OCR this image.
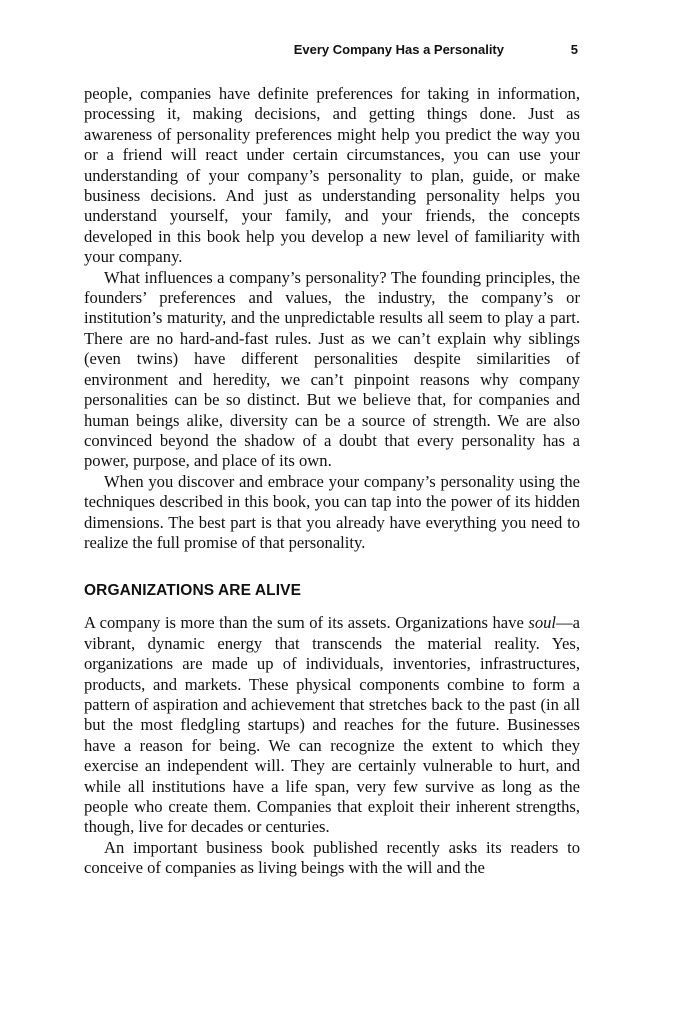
Every Company Has a Personality	5

people, companies have definite preferences for taking in information, processing it, making decisions, and getting things done. Just as awareness of personality preferences might help you predict the way you or a friend will react under certain circumstances, you can use your understanding of your company’s personality to plan, guide, or make business decisions. And just as understanding personality helps you understand yourself, your family, and your friends, the concepts developed in this book help you develop a new level of familiarity with your company.

What influences a company’s personality? The founding principles, the founders’ preferences and values, the industry, the company’s or institution’s maturity, and the unpredictable results all seem to play a part. There are no hard-and-fast rules. Just as we can’t explain why siblings (even twins) have different personalities despite similarities of environment and heredity, we can’t pinpoint reasons why company personalities can be so distinct. But we believe that, for companies and human beings alike, diversity can be a source of strength. We are also convinced beyond the shadow of a doubt that every personality has a power, purpose, and place of its own.

When you discover and embrace your company’s personality using the techniques described in this book, you can tap into the power of its hidden dimensions. The best part is that you already have everything you need to realize the full promise of that personality.

ORGANIZATIONS ARE ALIVE

A company is more than the sum of its assets. Organizations have soul—a vibrant, dynamic energy that transcends the material reality. Yes, organizations are made up of individuals, inventories, infrastructures, products, and markets. These physical components combine to form a pattern of aspiration and achievement that stretches back to the past (in all but the most fledgling startups) and reaches for the future. Businesses have a reason for being. We can recognize the extent to which they exercise an independent will. They are certainly vulnerable to hurt, and while all institutions have a life span, very few survive as long as the people who create them. Companies that exploit their inherent strengths, though, live for decades or centuries.

An important business book published recently asks its readers to conceive of companies as living beings with the will and the
